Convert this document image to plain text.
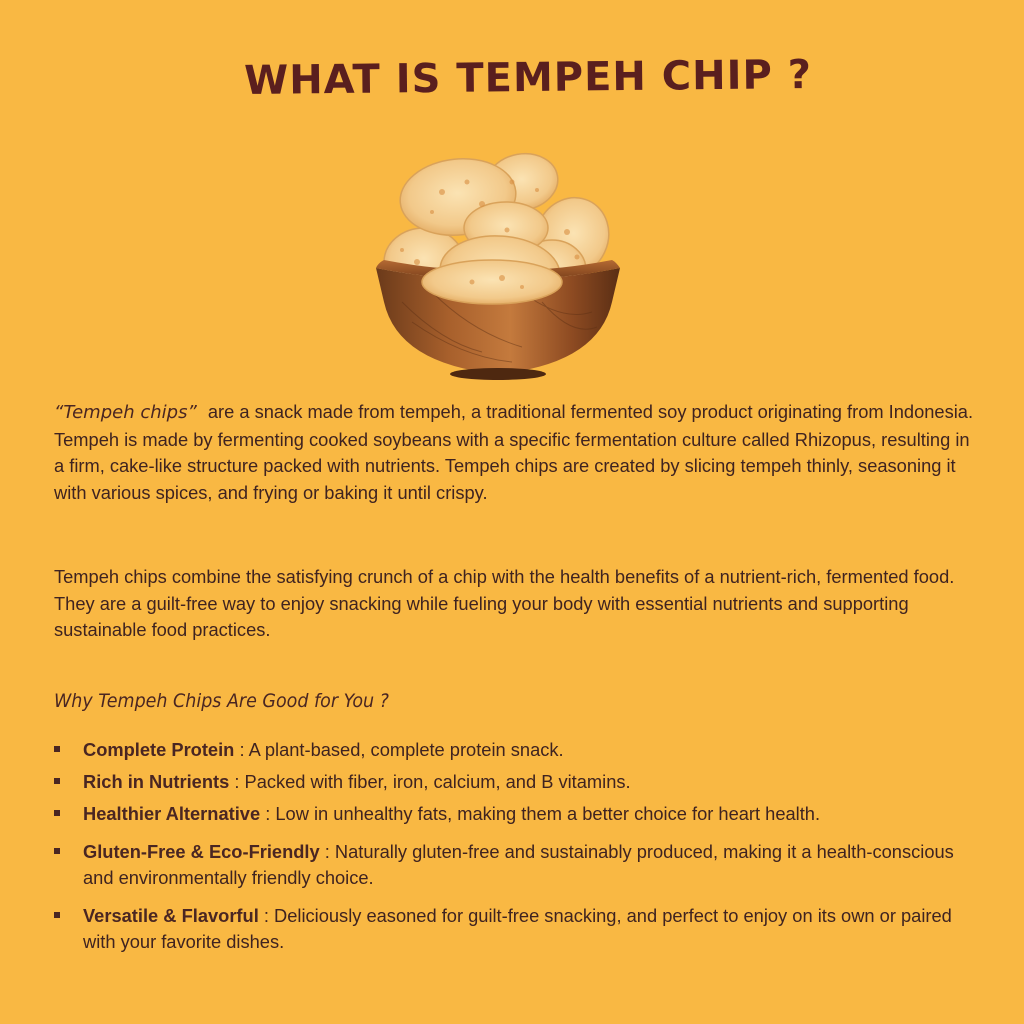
WHAT IS TEMPEH CHIP ?

“Tempeh chips” are a snack made from tempeh, a traditional fermented soy product originating from Indonesia. Tempeh is made by fermenting cooked soybeans with a specific fermentation culture called Rhizopus, resulting in a firm, cake-like structure packed with nutrients. Tempeh chips are created by slicing tempeh thinly, seasoning it with various spices, and frying or baking it until crispy.

Tempeh chips combine the satisfying crunch of a chip with the health benefits of a nutrient-rich, fermented food. They are a guilt-free way to enjoy snacking while fueling your body with essential nutrients and supporting sustainable food practices.

Why Tempeh Chips Are Good for You ?
Complete Protein : A plant-based, complete protein snack.
Rich in Nutrients : Packed with fiber, iron, calcium, and B vitamins.
Healthier Alternative : Low in unhealthy fats, making them a better choice for heart health.
Gluten-Free & Eco-Friendly : Naturally gluten-free and sustainably produced, making it a health-conscious and environmentally friendly choice.
Versatile & Flavorful : Deliciously easoned for guilt-free snacking, and perfect to enjoy on its own or paired with your favorite dishes.
